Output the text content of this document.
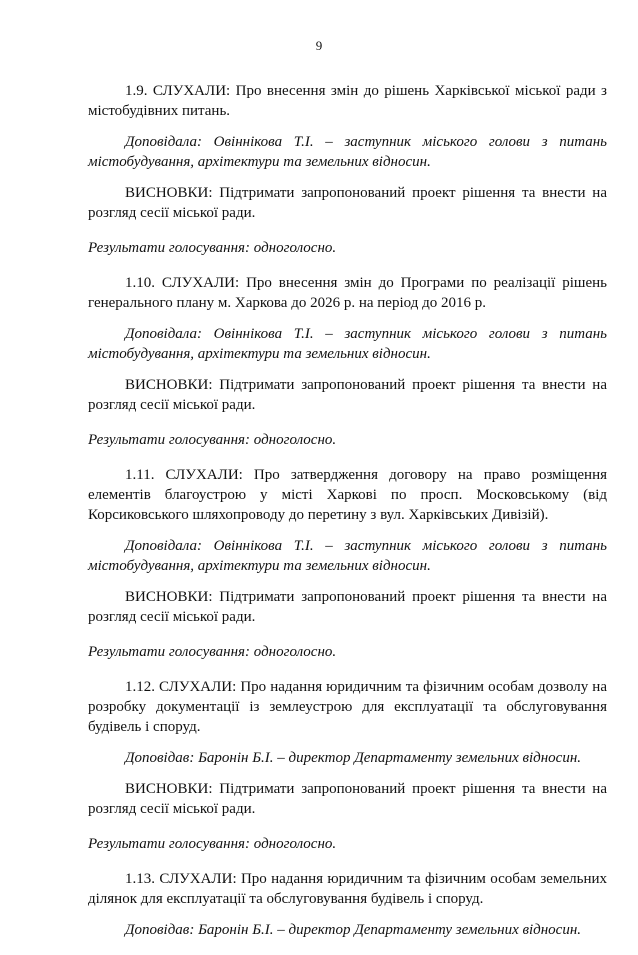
9

1.9. СЛУХАЛИ: Про внесення змін до рішень Харківської міської ради з містобудівних питань.

Доповідала: Овіннікова Т.І. – заступник міського голови з питань містобудування, архітектури та земельних відносин.

ВИСНОВКИ: Підтримати запропонований проект рішення та внести на розгляд сесії міської ради.

Результати голосування: одноголосно.

1.10. СЛУХАЛИ: Про внесення змін до Програми по реалізації рішень генерального плану м. Харкова до 2026 р. на період до 2016 р.

Доповідала: Овіннікова Т.І. – заступник міського голови з питань містобудування, архітектури та земельних відносин.

ВИСНОВКИ: Підтримати запропонований проект рішення та внести на розгляд сесії міської ради.

Результати голосування: одноголосно.

1.11. СЛУХАЛИ: Про затвердження договору на право розміщення елементів благоустрою у місті Харкові по просп. Московському (від Корсиковського шляхопроводу до перетину з вул. Харківських Дивізій).

Доповідала: Овіннікова Т.І. – заступник міського голови з питань містобудування, архітектури та земельних відносин.

ВИСНОВКИ: Підтримати запропонований проект рішення та внести на розгляд сесії міської ради.

Результати голосування: одноголосно.

1.12. СЛУХАЛИ: Про надання юридичним та фізичним особам дозволу на розробку документації із землеустрою для експлуатації та обслуговування будівель і споруд.

Доповідав: Баронін Б.І. – директор Департаменту земельних відносин.

ВИСНОВКИ: Підтримати запропонований проект рішення та внести на розгляд сесії міської ради.

Результати голосування: одноголосно.

1.13. СЛУХАЛИ: Про надання юридичним та фізичним особам земельних ділянок для експлуатації та обслуговування будівель і споруд.

Доповідав: Баронін Б.І. – директор Департаменту земельних відносин.
